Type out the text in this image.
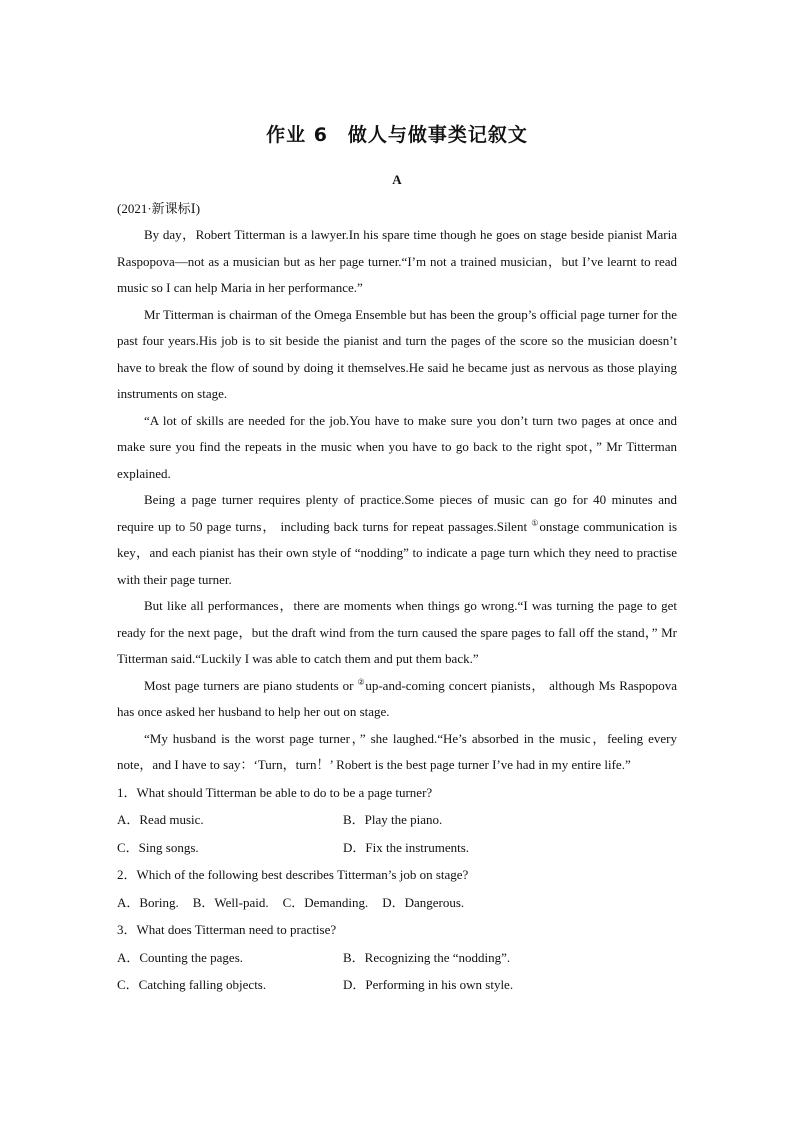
作业 6　做人与做事类记叙文
A
(2021·新课标Ⅰ)

By day，Robert Titterman is a lawyer.In his spare time though he goes on stage beside pianist Maria Raspopova—not as a musician but as her page turner.“I’m not a trained musician，but I’ve learnt to read music so I can help Maria in her performance.”

Mr Titterman is chairman of the Omega Ensemble but has been the group’s official page turner for the past four years.His job is to sit beside the pianist and turn the pages of the score so the musician doesn’t have to break the flow of sound by doing it themselves.He said he became just as nervous as those playing instruments on stage.

“A lot of skills are needed for the job.You have to make sure you don’t turn two pages at once and make sure you find the repeats in the music when you have to go back to the right spot，” Mr Titterman explained.

Being a page turner requires plenty of practice.Some pieces of music can go for 40 minutes and require up to 50 page turns， including back turns for repeat passages.Silent ①onstage communication is key，and each pianist has their own style of “nodding” to indicate a page turn which they need to practise with their page turner.

But like all performances，there are moments when things go wrong.“I was turning the page to get ready for the next page，but the draft wind from the turn caused the spare pages to fall off the stand，” Mr Titterman said.“Luckily I was able to catch them and put them back.”

Most page turners are piano students or ②up-and-coming concert pianists， although Ms Raspopova has once asked her husband to help her out on stage.

“My husband is the worst page turner，” she laughed.“He’s absorbed in the music，feeling every note，and I have to say：‘Turn，turn！’ Robert is the best page turner I’ve had in my entire life.”

1．What should Titterman be able to do to be a page turner?

A．Read music.	B．Play the piano.
C．Sing songs.	D．Fix the instruments.

2．Which of the following best describes Titterman’s job on stage?

A．Boring. B．Well-paid. C．Demanding. D．Dangerous.

3．What does Titterman need to practise?

A．Counting the pages.	B．Recognizing the “nodding”.
C．Catching falling objects.	D．Performing in his own style.
